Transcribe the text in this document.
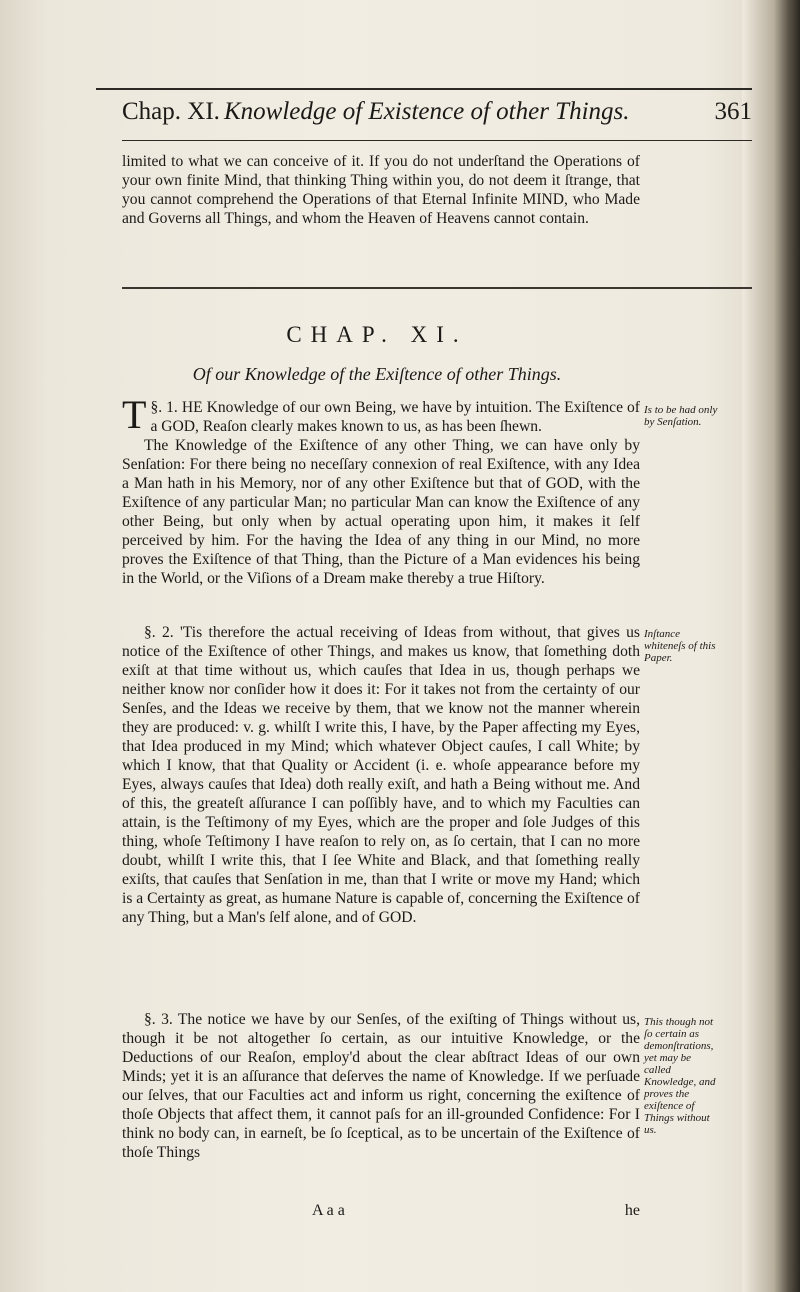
Chap. XI. Knowledge of Existence of other Things.	361

limited to what we can conceive of it. If you do not underſtand the Operations of your own finite Mind, that thinking Thing within you, do not deem it ſtrange, that you cannot comprehend the Operations of that Eternal Infinite MIND, who Made and Governs all Things, and whom the Heaven of Heavens cannot contain.

CHAP. XI.
Of our Knowledge of the Exiſtence of other Things.

§. 1.
T HE Knowledge of our own Being, we have by intuition. The Exiſtence of a GOD, Reaſon clearly makes known to us, as has been ſhewn.

The Knowledge of the Exiſtence of any other Thing, we can have only by Senſation: For there being no neceſſary connexion of real Exiſtence, with any Idea a Man hath in his Memory, nor of any other Exiſtence but that of GOD, with the Exiſtence of any particular Man; no particular Man can know the Exiſtence of any other Being, but only when by actual operating upon him, it makes it ſelf perceived by him. For the having the Idea of any thing in our Mind, no more proves the Exiſtence of that Thing, than the Picture of a Man evidences his being in the World, or the Viſions of a Dream make thereby a true Hiſtory.

§. 2. 'Tis therefore the actual receiving of Ideas from without, that gives us notice of the Exiſtence of other Things, and makes us know, that ſomething doth exiſt at that time without us, which cauſes that Idea in us, though perhaps we neither know nor conſider how it does it: For it takes not from the certainty of our Senſes, and the Ideas we receive by them, that we know not the manner wherein they are produced: v. g. whilſt I write this, I have, by the Paper affecting my Eyes, that Idea produced in my Mind; which whatever Object cauſes, I call White; by which I know, that that Quality or Accident (i. e. whoſe appearance before my Eyes, always cauſes that Idea) doth really exiſt, and hath a Being without me. And of this, the greateſt aſſurance I can poſſibly have, and to which my Faculties can attain, is the Teſtimony of my Eyes, which are the proper and ſole Judges of this thing, whoſe Teſtimony I have reaſon to rely on, as ſo certain, that I can no more doubt, whilſt I write this, that I ſee White and Black, and that ſomething really exiſts, that cauſes that Senſation in me, than that I write or move my Hand; which is a Certainty as great, as humane Nature is capable of, concerning the Exiſtence of any Thing, but a Man's ſelf alone, and of GOD.

§. 3. The notice we have by our Senſes, of the exiſting of Things without us, though it be not altogether ſo certain, as our intuitive Knowledge, or the Deductions of our Reaſon, employ'd about the clear abſtract Ideas of our own Minds; yet it is an aſſurance that deſerves the name of Knowledge. If we perſuade our ſelves, that our Faculties act and inform us right, concerning the exiſtence of thoſe Objects that affect them, it cannot paſs for an ill-grounded Confidence: For I think no body can, in earneſt, be ſo ſceptical, as to be uncertain of the Exiſtence of thoſe Things

Is to be had only by Senſation.
Inſtance whiteneſs of this Paper.
This though not ſo certain as demonſtrations, yet may be called Knowledge, and proves the exiſtence of Things without us.
A a a	he
